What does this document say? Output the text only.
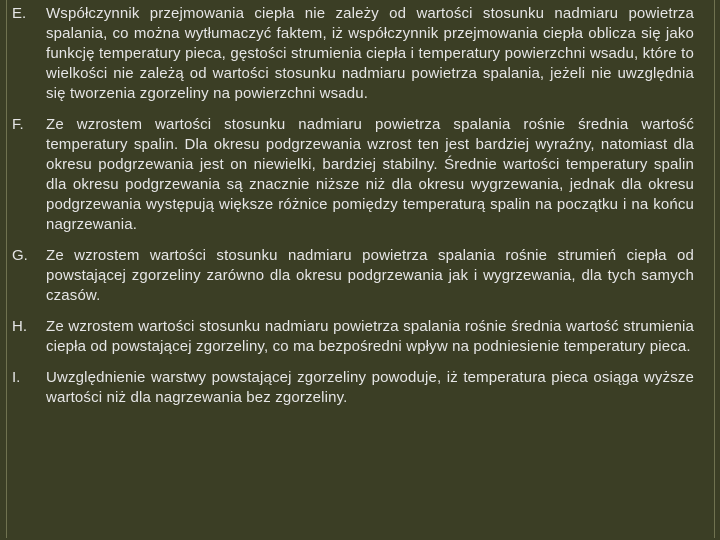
E.	Współczynnik przejmowania ciepła nie zależy od wartości stosunku nadmiaru powietrza spalania, co można wytłumaczyć faktem, iż współczynnik przejmowania ciepła oblicza się jako funkcję temperatury pieca, gęstości strumienia ciepła i temperatury powierzchni wsadu, które to wielkości nie zależą od wartości stosunku nadmiaru powietrza spalania, jeżeli nie uwzględnia się tworzenia zgorzeliny na powierzchni wsadu.
F.	Ze wzrostem wartości stosunku nadmiaru powietrza spalania rośnie średnia wartość temperatury spalin. Dla okresu podgrzewania wzrost ten jest bardziej wyraźny, natomiast dla okresu podgrzewania jest on niewielki, bardziej stabilny. Średnie wartości temperatury spalin dla okresu podgrzewania są znacznie niższe niż dla okresu wygrzewania, jednak dla okresu podgrzewania występują większe różnice pomiędzy temperaturą spalin na początku i na końcu nagrzewania.
G.	Ze wzrostem wartości stosunku nadmiaru powietrza spalania rośnie strumień ciepła od powstającej zgorzeliny zarówno dla okresu podgrzewania jak i wygrzewania, dla tych samych czasów.
H.	Ze wzrostem wartości stosunku nadmiaru powietrza spalania rośnie średnia wartość strumienia ciepła od powstającej zgorzeliny, co ma bezpośredni wpływ na podniesienie temperatury pieca.
I.	Uwzględnienie warstwy powstającej zgorzeliny powoduje, iż temperatura pieca osiąga wyższe wartości niż dla nagrzewania bez zgorzeliny.
